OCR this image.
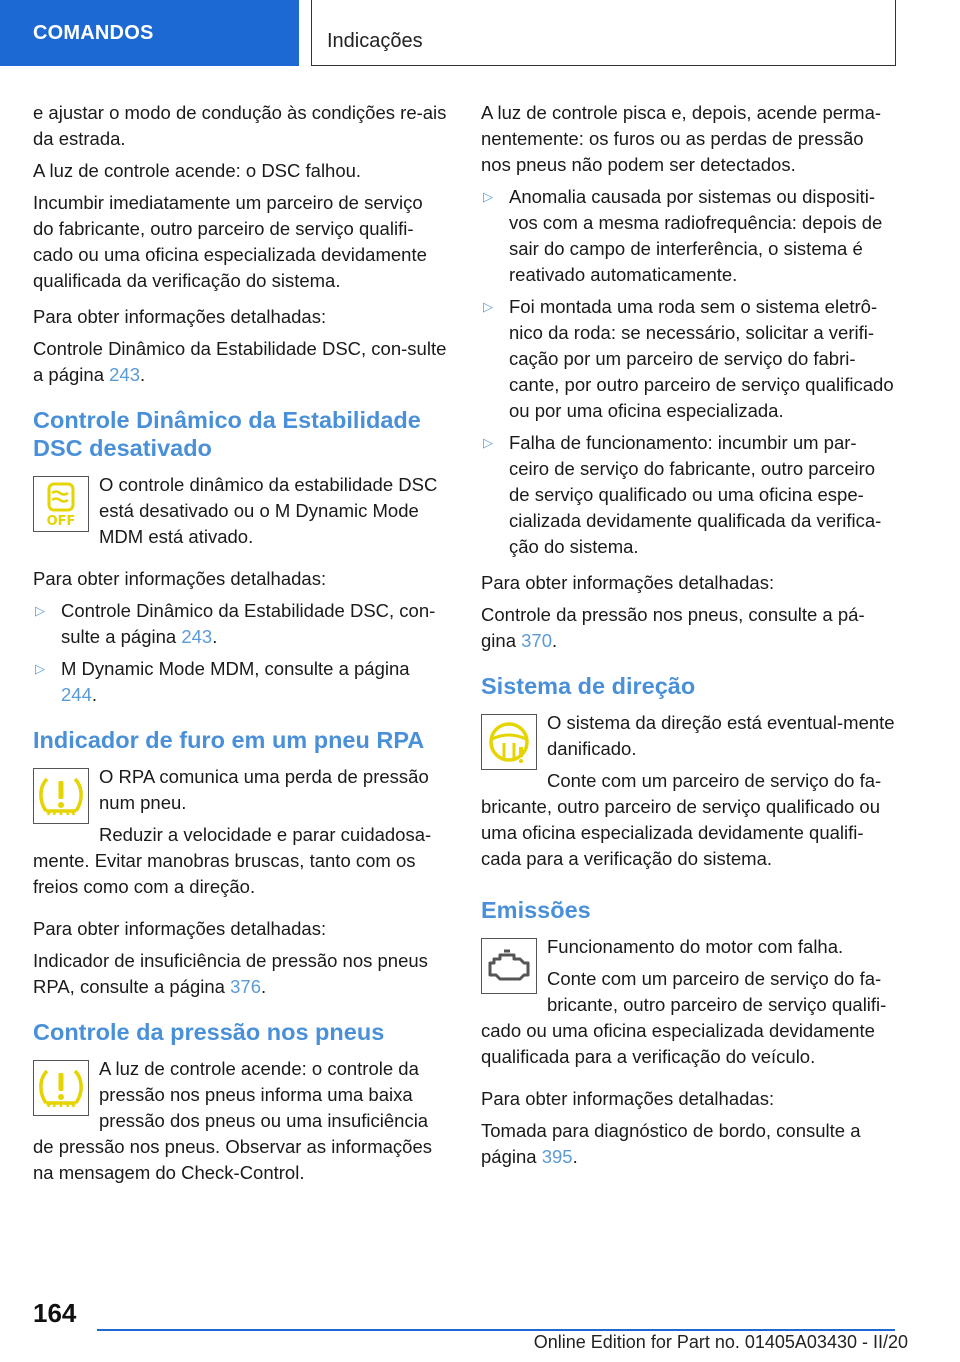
COMANDOS	Indicações

e ajustar o modo de condução às condições re-ais da estrada.

A luz de controle acende: o DSC falhou.

Incumbir imediatamente um parceiro de serviço do fabricante, outro parceiro de serviço qualifi-cado ou uma oficina especializada devidamente qualificada da verificação do sistema.

Para obter informações detalhadas:

Controle Dinâmico da Estabilidade DSC, con-sulte a página 243.

Controle Dinâmico da Estabilidade DSC desativado
OFF

O controle dinâmico da estabilidade DSC está desativado ou o M Dynamic Mode MDM está ativado.

Para obter informações detalhadas:

▷ Controle Dinâmico da Estabilidade DSC, con-sulte a página 243.
▷ M Dynamic Mode MDM, consulte a página 244.
Indicador de furo em um pneu RPA

O RPA comunica uma perda de pressão num pneu.

Reduzir a velocidade e parar cuidadosa-mente. Evitar manobras bruscas, tanto com os freios como com a direção.

Para obter informações detalhadas:

Indicador de insuficiência de pressão nos pneus RPA, consulte a página 376.

Controle da pressão nos pneus

A luz de controle acende: o controle da pressão nos pneus informa uma baixa pressão dos pneus ou uma insuficiência de pressão nos pneus. Observar as informações na mensagem do Check-Control.

A luz de controle pisca e, depois, acende perma-nentemente: os furos ou as perdas de pressão nos pneus não podem ser detectados.

▷ Anomalia causada por sistemas ou dispositi-vos com a mesma radiofrequência: depois de sair do campo de interferência, o sistema é reativado automaticamente.
▷ Foi montada uma roda sem o sistema eletrô-nico da roda: se necessário, solicitar a verifi-cação por um parceiro de serviço do fabri-cante, por outro parceiro de serviço qualificado ou por uma oficina especializada.
▷ Falha de funcionamento: incumbir um par-ceiro de serviço do fabricante, outro parceiro de serviço qualificado ou uma oficina espe-cializada devidamente qualificada da verifica-ção do sistema.

Para obter informações detalhadas:

Controle da pressão nos pneus, consulte a pá-gina 370.

Sistema de direção

O sistema da direção está eventual-mente danificado.

Conte com um parceiro de serviço do fa-bricante, outro parceiro de serviço qualificado ou uma oficina especializada devidamente qualifi-cada para a verificação do sistema.

Emissões

Funcionamento do motor com falha.

Conte com um parceiro de serviço do fa-bricante, outro parceiro de serviço qualifi-cado ou uma oficina especializada devidamente qualificada para a verificação do veículo.

Para obter informações detalhadas:

Tomada para diagnóstico de bordo, consulte a página 395.

164
Online Edition for Part no. 01405A03430 - II/20
